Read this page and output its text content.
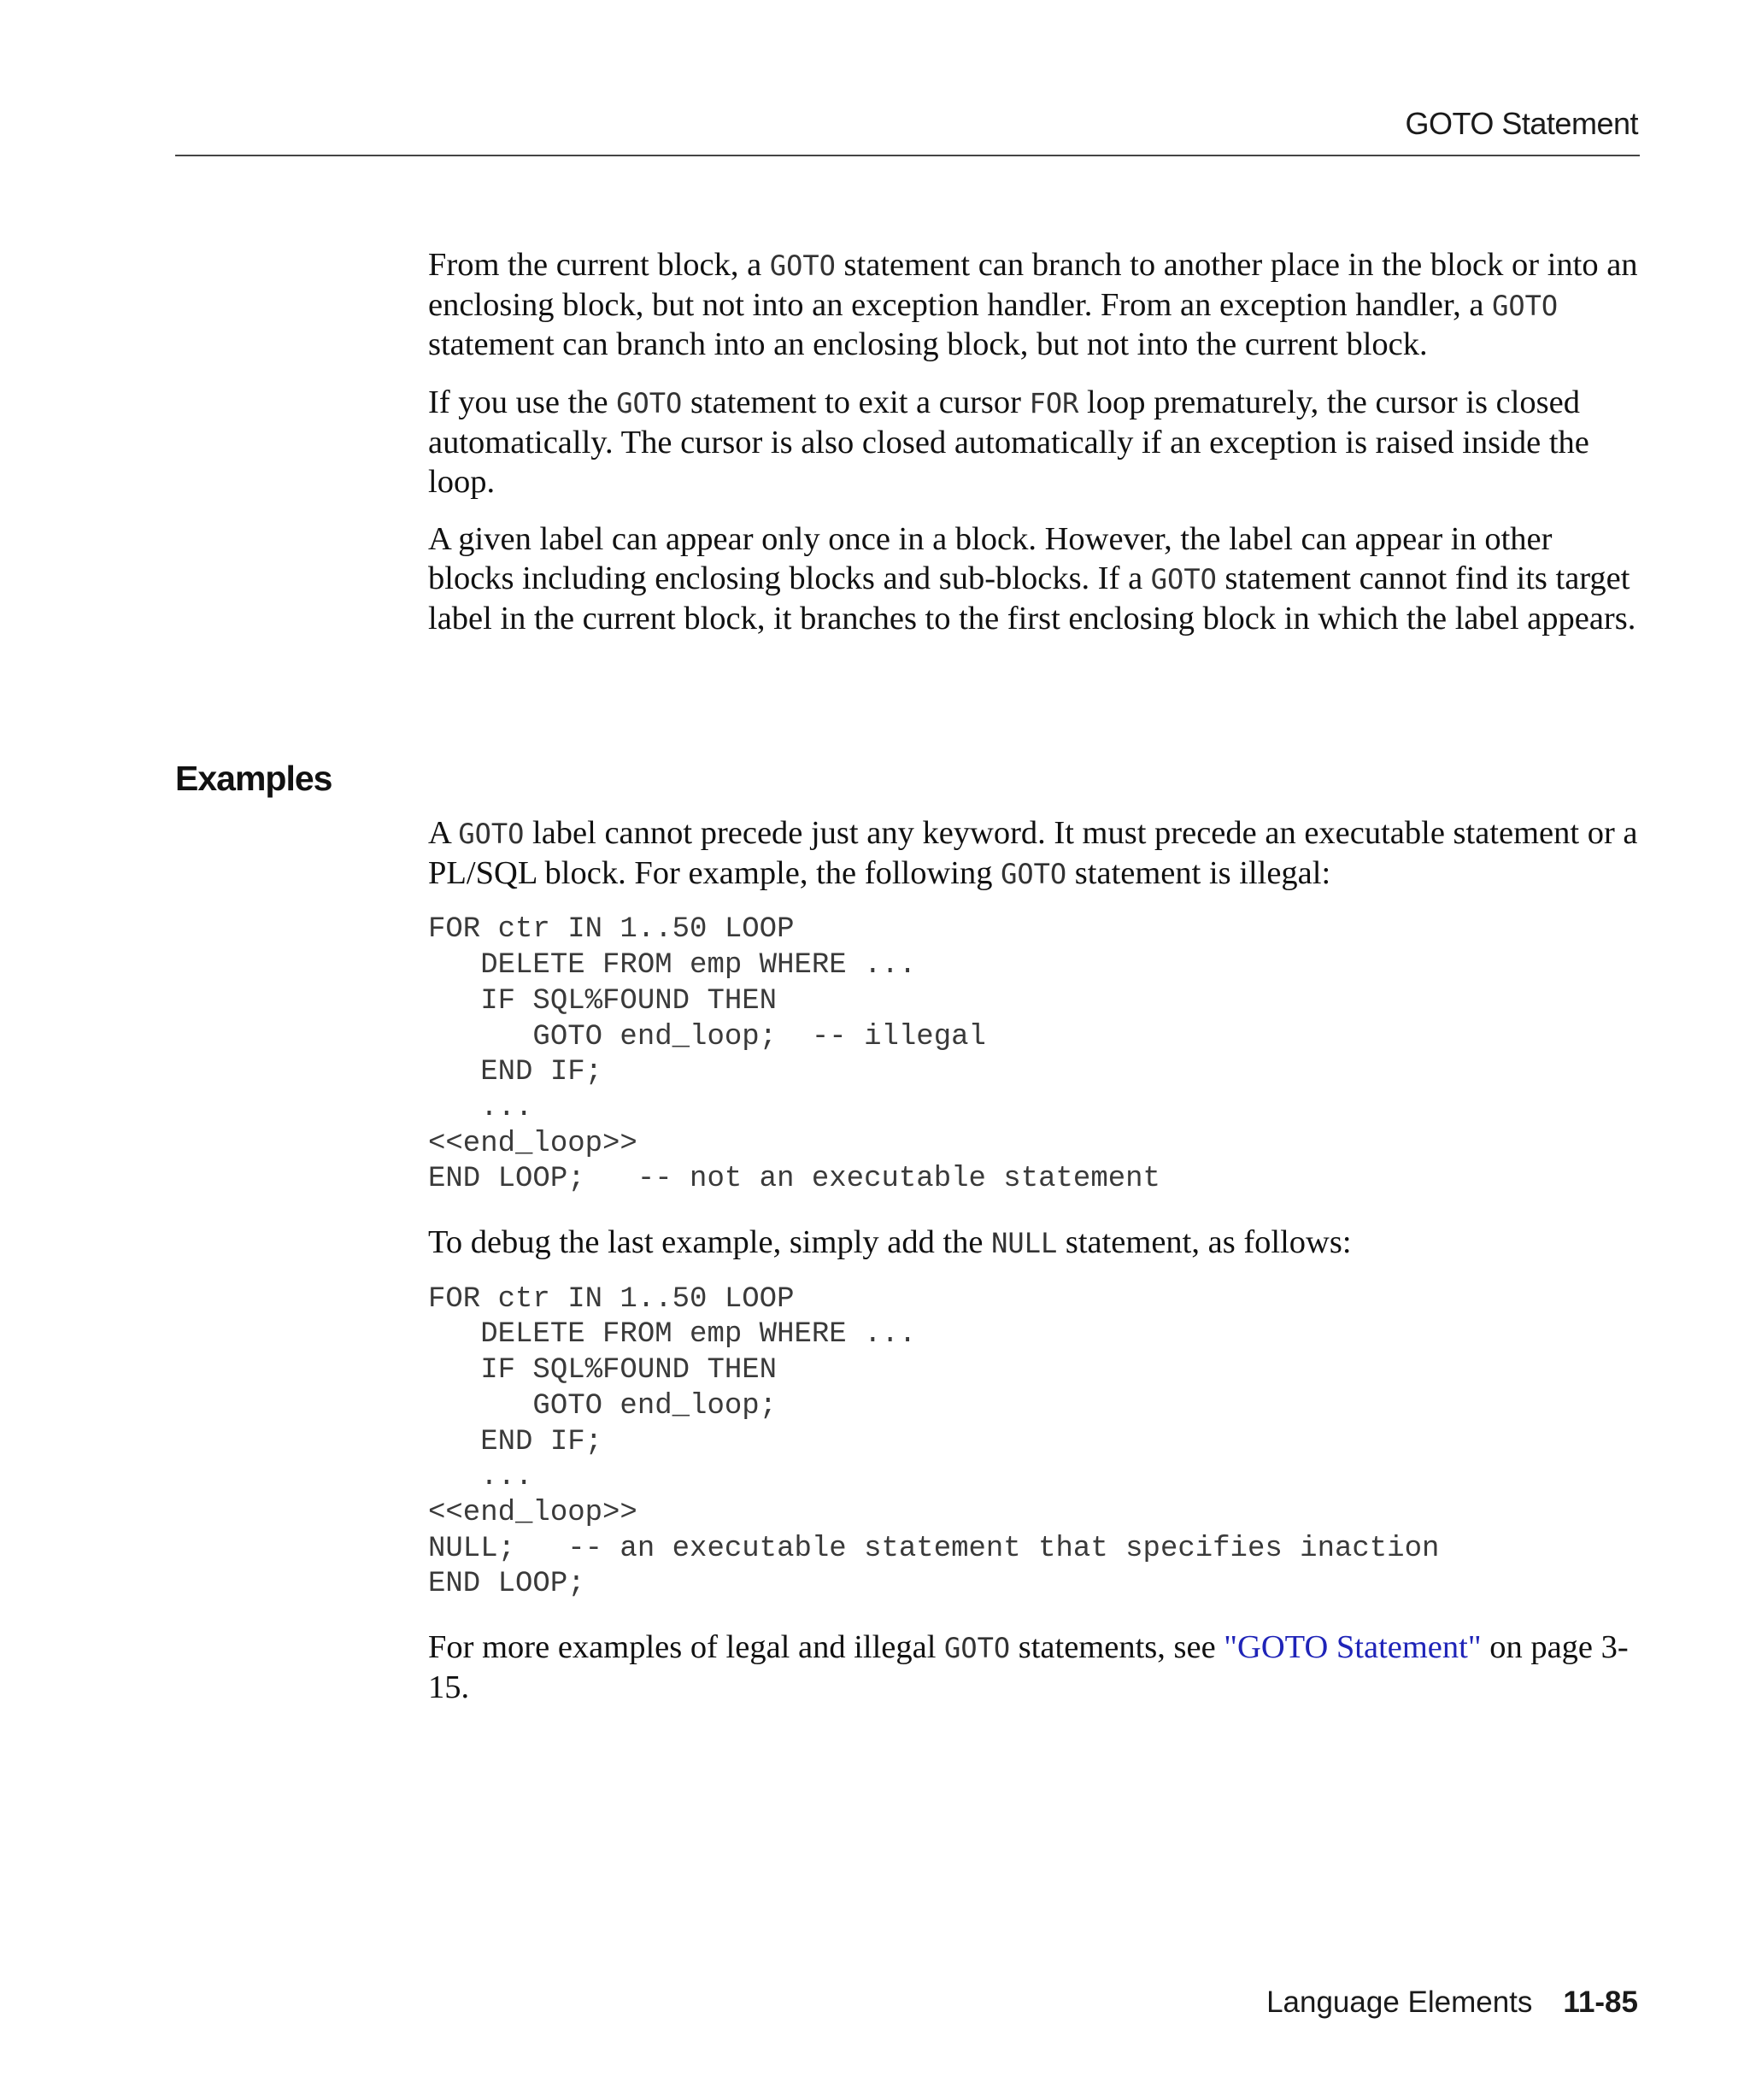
GOTO Statement

From the current block, a GOTO statement can branch to another place in the block or into an enclosing block, but not into an exception handler. From an exception handler, a GOTO statement can branch into an enclosing block, but not into the current block.

If you use the GOTO statement to exit a cursor FOR loop prematurely, the cursor is closed automatically. The cursor is also closed automatically if an exception is raised inside the loop.

A given label can appear only once in a block. However, the label can appear in other blocks including enclosing blocks and sub-blocks. If a GOTO statement cannot find its target label in the current block, it branches to the first enclosing block in which the label appears.

Examples

A GOTO label cannot precede just any keyword. It must precede an executable statement or a PL/SQL block. For example, the following GOTO statement is illegal:

FOR ctr IN 1..50 LOOP
DELETE FROM emp WHERE ...
IF SQL%FOUND THEN
GOTO end_loop;  -- illegal
END IF;
...
<<end_loop>>
END LOOP;   -- not an executable statement

To debug the last example, simply add the NULL statement, as follows:

FOR ctr IN 1..50 LOOP
DELETE FROM emp WHERE ...
IF SQL%FOUND THEN
GOTO end_loop;
END IF;
...
<<end_loop>>
NULL;   -- an executable statement that specifies inaction
END LOOP;

For more examples of legal and illegal GOTO statements, see "GOTO Statement" on page 3-15.

Language Elements 11-85
